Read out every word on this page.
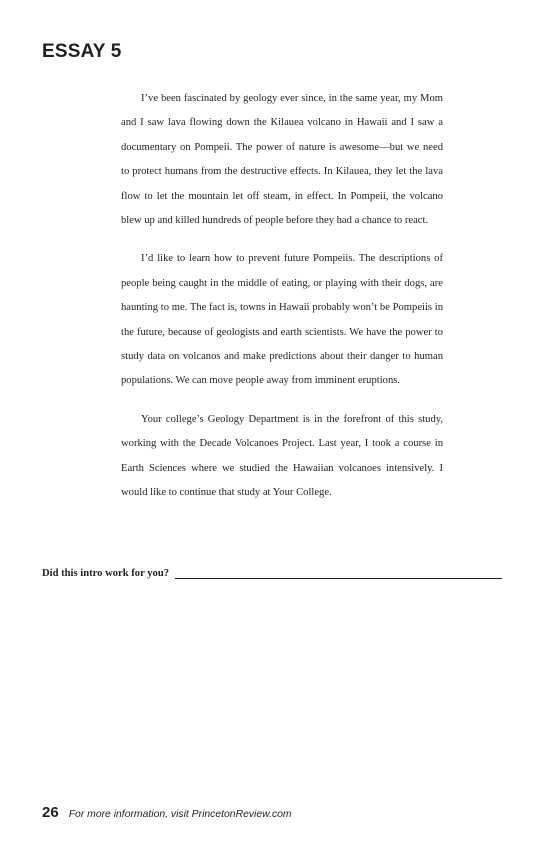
ESSAY 5

I’ve been fascinated by geology ever since, in the same year, my Mom and I saw lava flowing down the Kilauea volcano in Hawaii and I saw a documentary on Pompeii. The power of nature is awesome—but we need to protect humans from the destructive effects. In Kilauea, they let the lava flow to let the mountain let off steam, in effect. In Pompeii, the volcano blew up and killed hundreds of people before they had a chance to react.

I’d like to learn how to prevent future Pompeiis. The descriptions of people being caught in the middle of eating, or playing with their dogs, are haunting to me. The fact is, towns in Hawaii probably won’t be Pompeiis in the future, because of geologists and earth scientists. We have the power to study data on volcanos and make predictions about their danger to human populations. We can move people away from imminent eruptions.

Your college’s Geology Department is in the forefront of this study, working with the Decade Volcanoes Project. Last year, I took a course in Earth Sciences where we studied the Hawaiian volcanoes intensively. I would like to continue that study at Your College.

Did this intro work for you?
26 For more information, visit PrincetonReview.com
